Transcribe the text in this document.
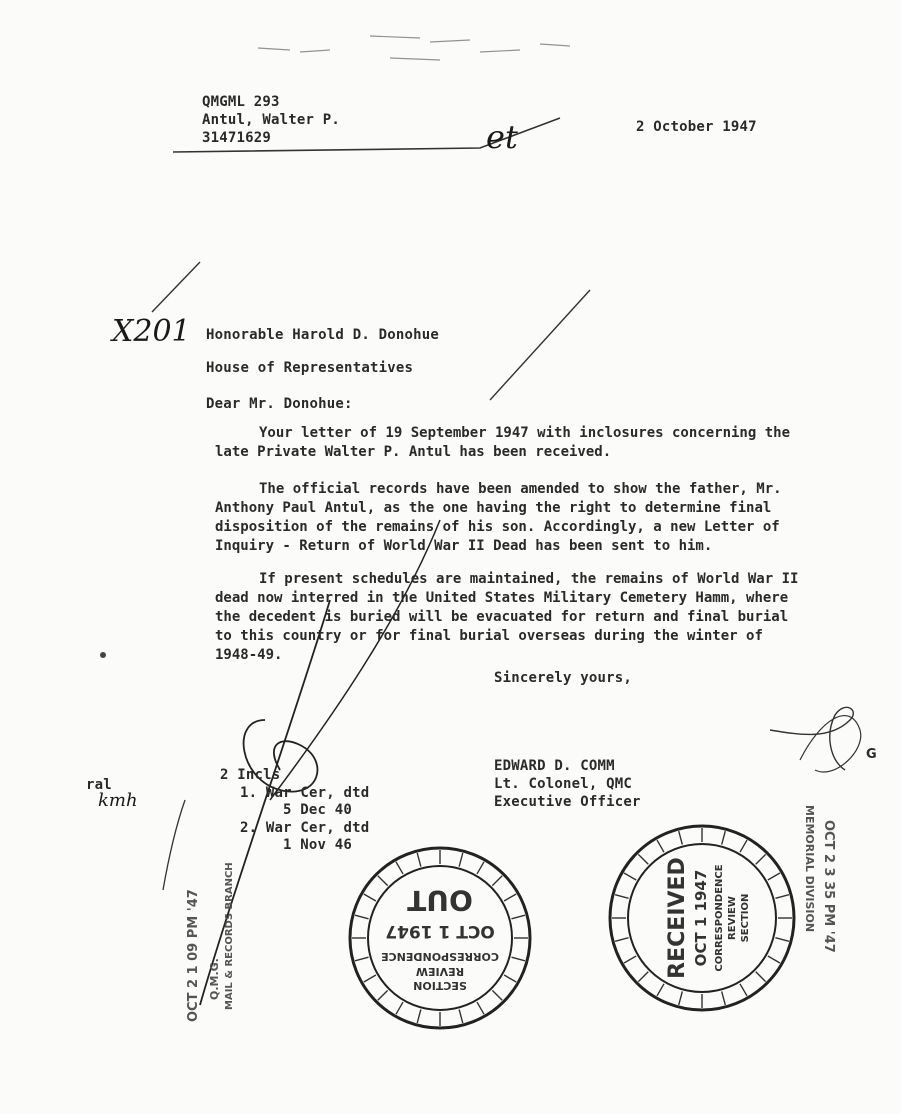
QMGML 293
Antul, Walter P.
31471629
2 October 1947
et
X201 Honorable Harold D. Donohue
House of Representatives
Dear Mr. Donohue:
Your letter of 19 September 1947 with inclosures concerning the
late Private Walter P. Antul has been received.
The official records have been amended to show the father, Mr.
Anthony Paul Antul, as the one having the right to determine final
disposition of the remains of his son. Accordingly, a new Letter of
Inquiry - Return of World War II Dead has been sent to him.
If present schedules are maintained, the remains of World War II
dead now interred in the United States Military Cemetery Hamm, where
the decedent is buried will be evacuated for return and final burial
to this country or for final burial overseas during the winter of
1948-49.
Sincerely yours,
EDWARD D. COMM
Lt. Colonel, QMC
Executive Officer
2 Incls
1. War Cer, dtd
5 Dec 40
2. War Cer, dtd
1 Nov 46
ral
kmh
OCT 2 1 09 PM '47 Q.M.G. MAIL & RECORDS BRANCH	MEMORIAL DIVISION OCT 2 3 35 PM '47
G
SECTION
REVIEW
CORRESPONDENCE
OCT 1 1947
OUT	RECEIVED OCT 1 1947 CORRESPONDENCE REVIEW SECTION
